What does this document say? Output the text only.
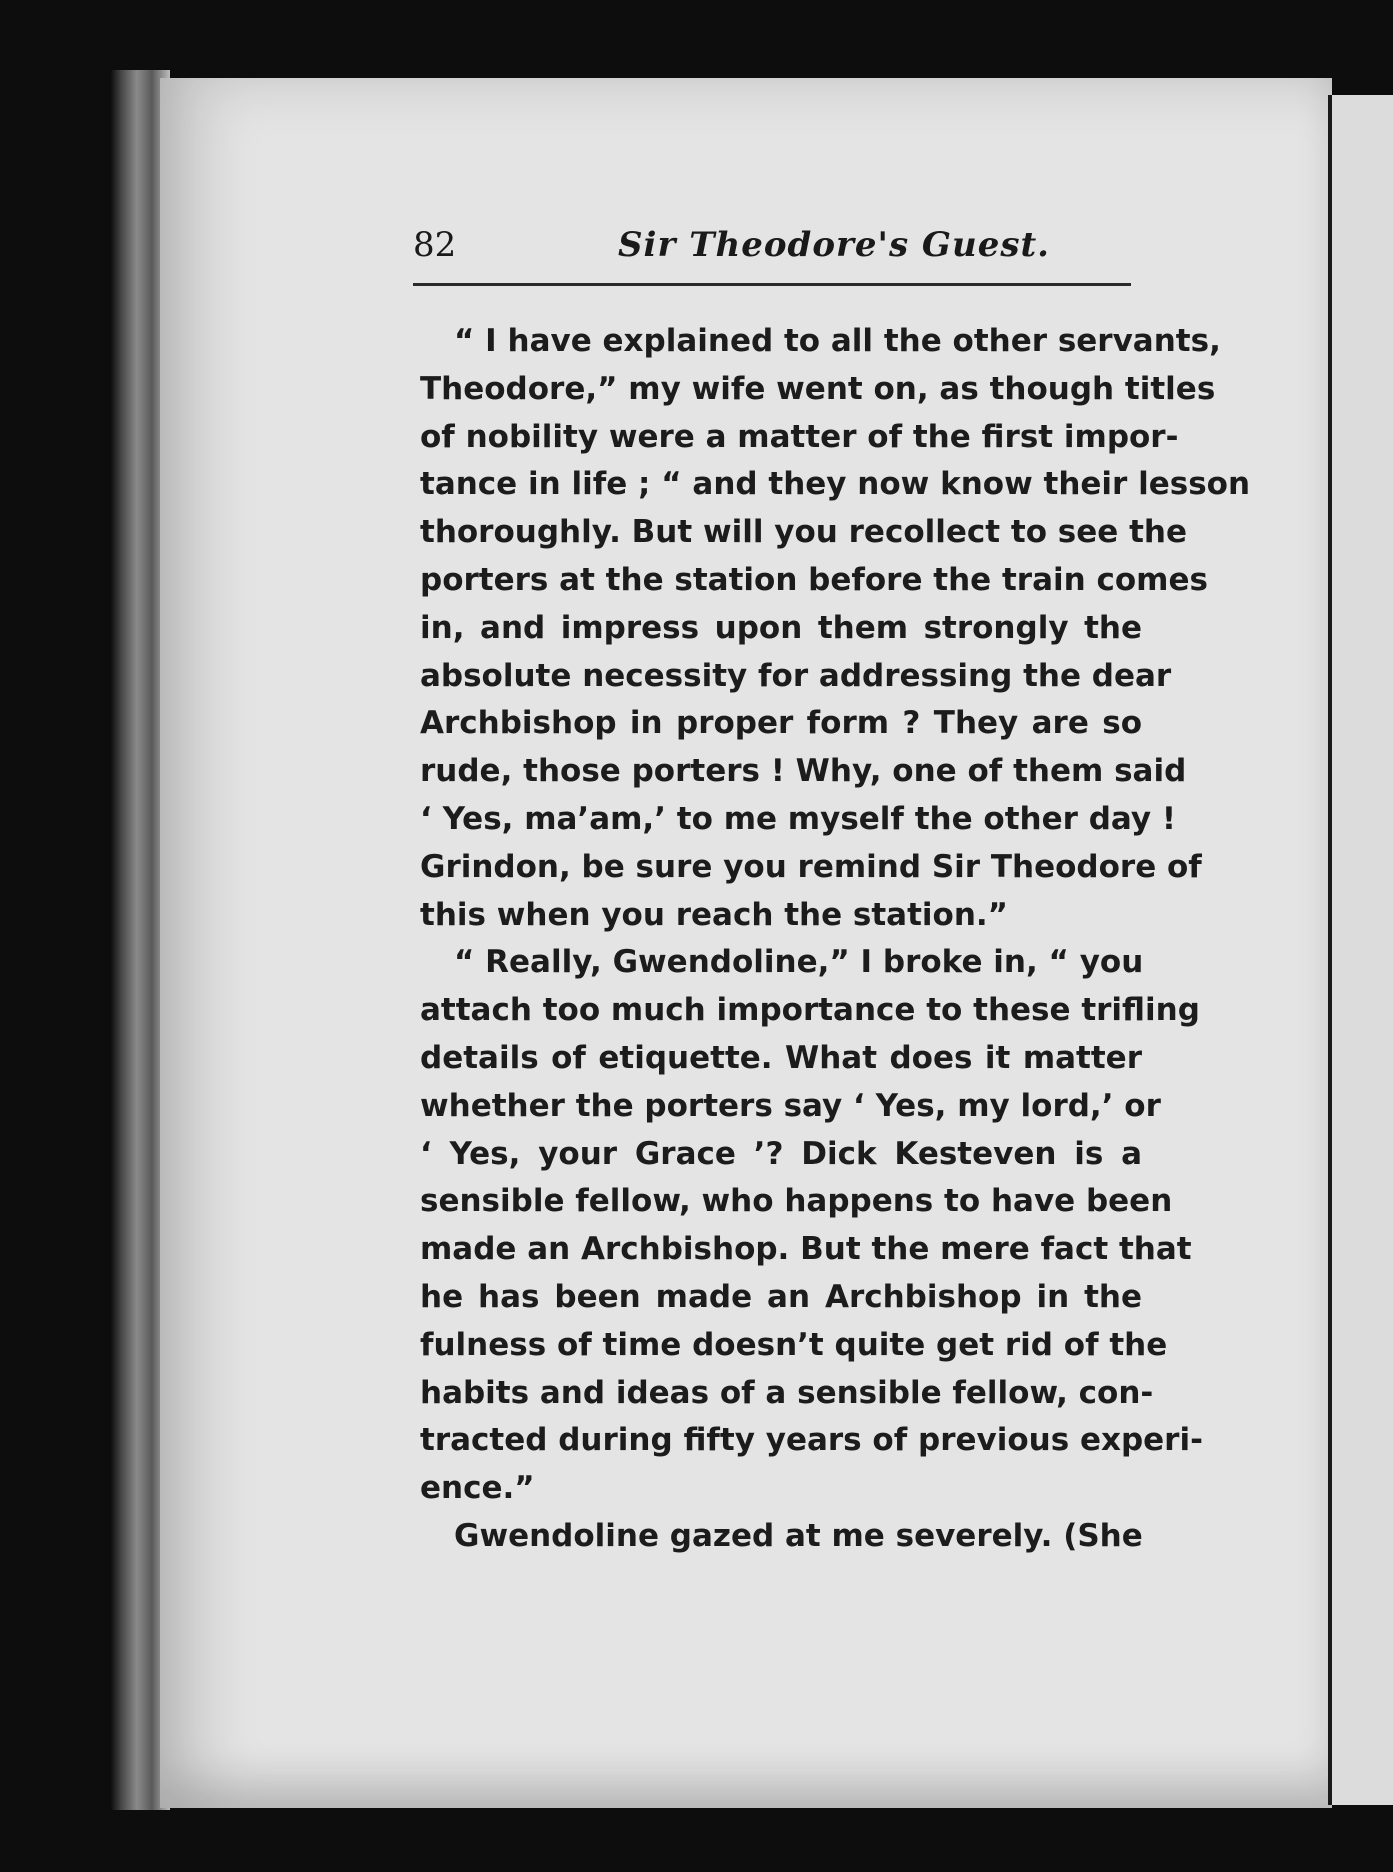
82	Sir Theodore's Guest.
“ I have explained to all the other servants,
Theodore,” my wife went on, as though titles
of nobility were a matter of the first impor-
tance in life ; “ and they now know their lesson
thoroughly. But will you recollect to see the
porters at the station before the train comes
in, and impress upon them strongly the
absolute necessity for addressing the dear
Archbishop in proper form ? They are so
rude, those porters ! Why, one of them said
‘ Yes, ma’am,’ to me myself the other day !
Grindon, be sure you remind Sir Theodore of
this when you reach the station.”
“ Really, Gwendoline,” I broke in, “ you
attach too much importance to these trifling
details of etiquette. What does it matter
whether the porters say ‘ Yes, my lord,’ or
‘ Yes, your Grace ’? Dick Kesteven is a
sensible fellow, who happens to have been
made an Archbishop. But the mere fact that
he has been made an Archbishop in the
fulness of time doesn’t quite get rid of the
habits and ideas of a sensible fellow, con-
tracted during fifty years of previous experi-
ence.”
Gwendoline gazed at me severely. (She
